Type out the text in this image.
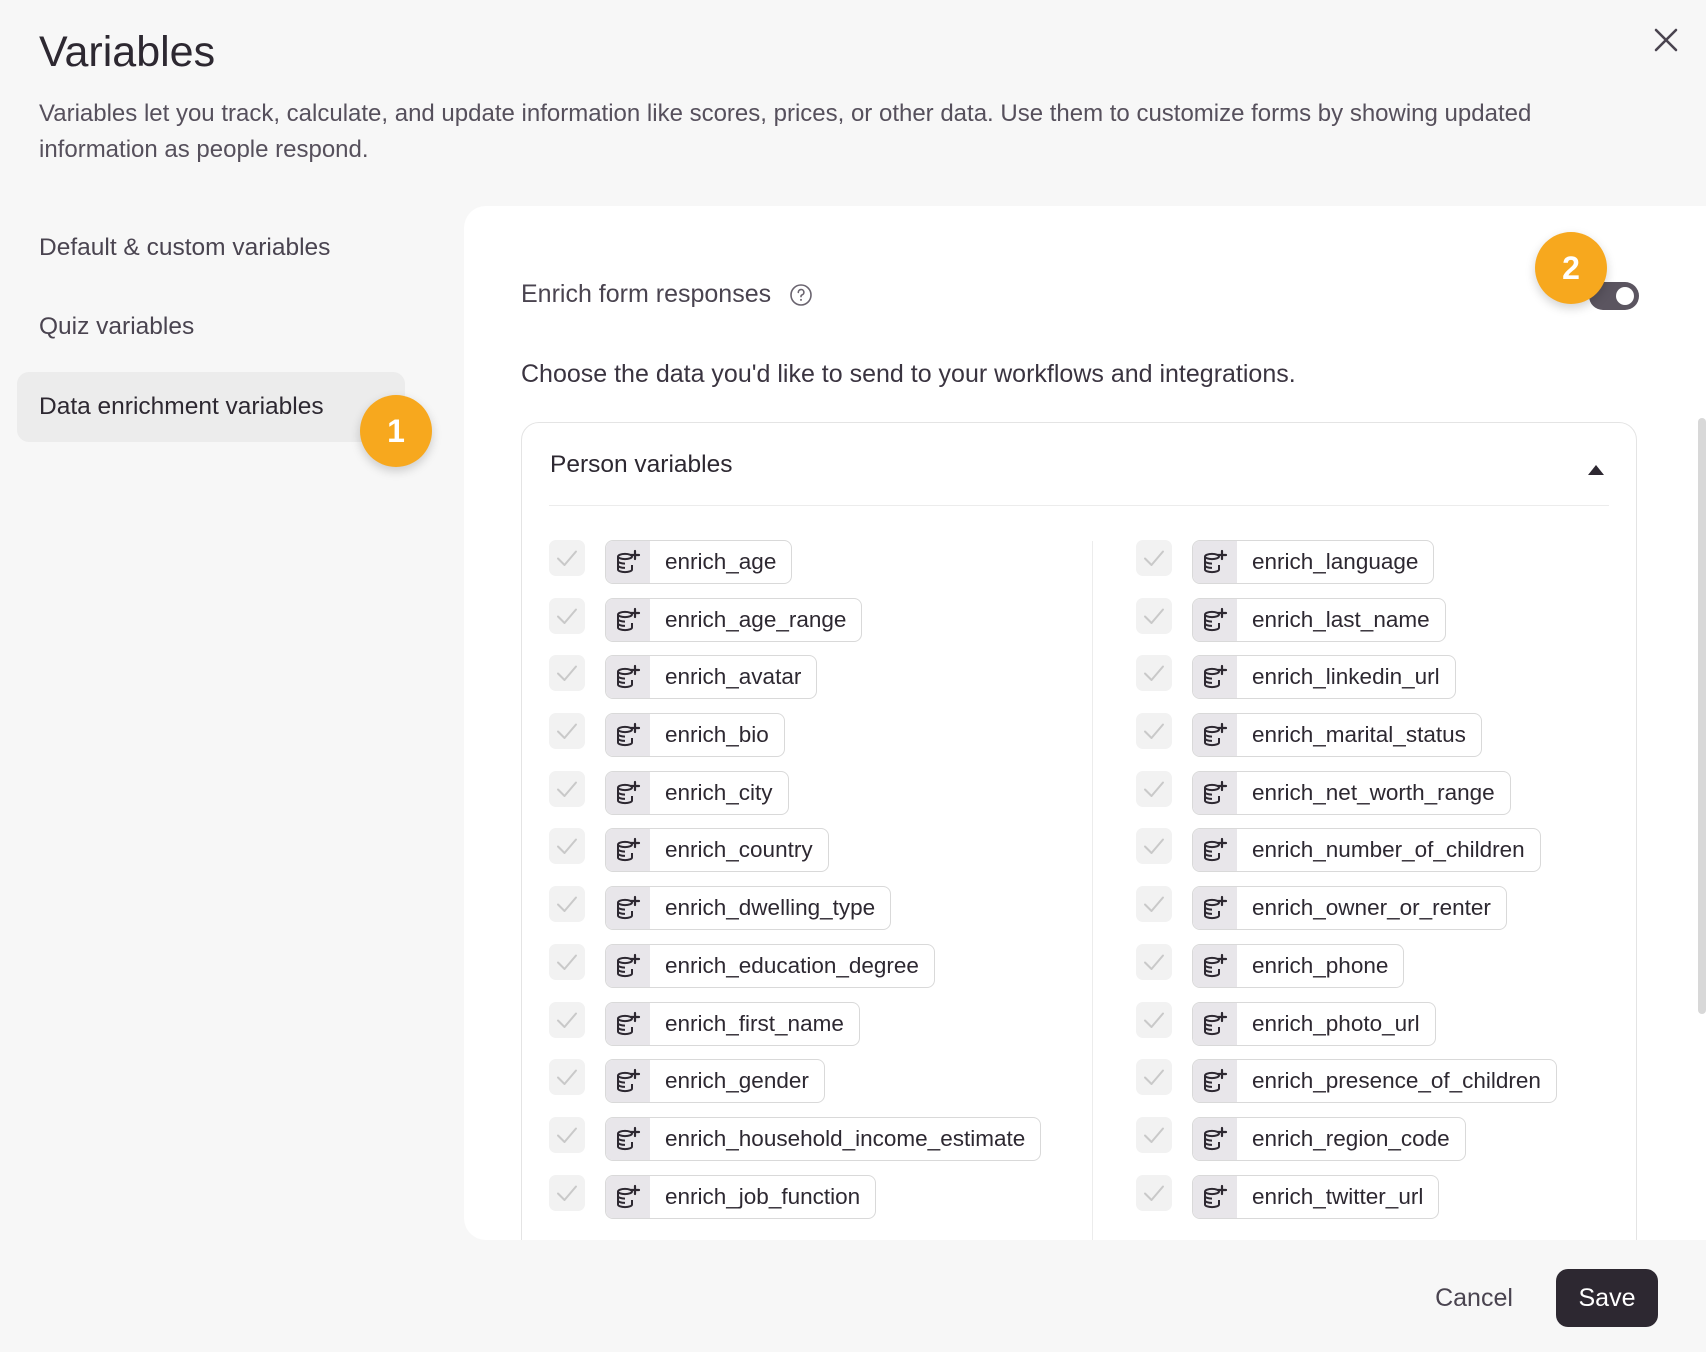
Variables

Variables let you track, calculate, and update information like scores, prices, or other data. Use them to customize forms by showing updated information as people respond.

Default & custom variables
Quiz variables
Data enrichment variables
1
2
Enrich form responses
Choose the data you'd like to send to your workflows and integrations.
Person variables
enrich_age
enrich_age_range
enrich_avatar
enrich_bio
enrich_city
enrich_country
enrich_dwelling_type
enrich_education_degree
enrich_first_name
enrich_gender
enrich_household_income_estimate
enrich_job_function
enrich_language
enrich_last_name
enrich_linkedin_url
enrich_marital_status
enrich_net_worth_range
enrich_number_of_children
enrich_owner_or_renter
enrich_phone
enrich_photo_url
enrich_presence_of_children
enrich_region_code
enrich_twitter_url
Cancel	Save
